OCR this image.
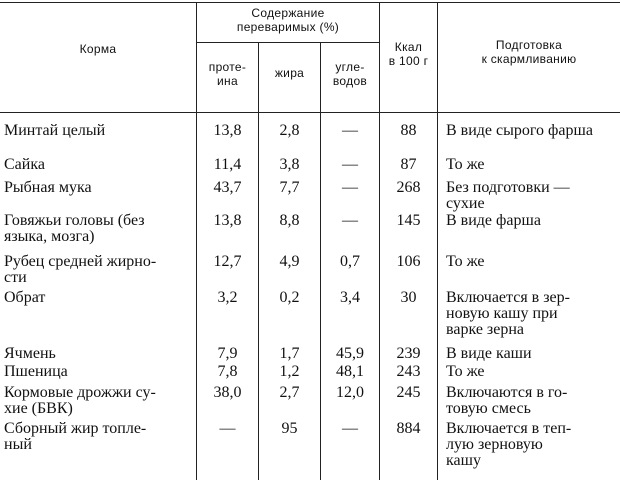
Корма
Содержание
переваримых (%)
проте-
ина
жира	угле-
водов
Ккал
в 100 г
Подготовка
к скармливанию
Минтай целый	13,8	2,8	—	88	В виде сырого фарша
Сайка	11,4	3,8	—	87	То же
Рыбная мука	43,7	7,7	—	268	Без подготовки —
сухие
Говяжьи головы (без
языка, мозга)
13,8	8,8	—	145	В виде фарша
Рубец средней жирно-
сти
12,7	4,9	0,7	106	То же
Обрат	3,2	0,2	3,4	30	Включается в зер-
новую кашу при
варке зерна
Ячмень	7,9	1,7	45,9	239	В виде каши
Пшеница	7,8	1,2	48,1	243	То же
Кормовые дрожжи су-
хие (БВК)
38,0	2,7	12,0	245	Включаются в го-
товую смесь
Сборный жир топле-
ный
—	95	—	884	Включается в теп-
лую зерновую
кашу
